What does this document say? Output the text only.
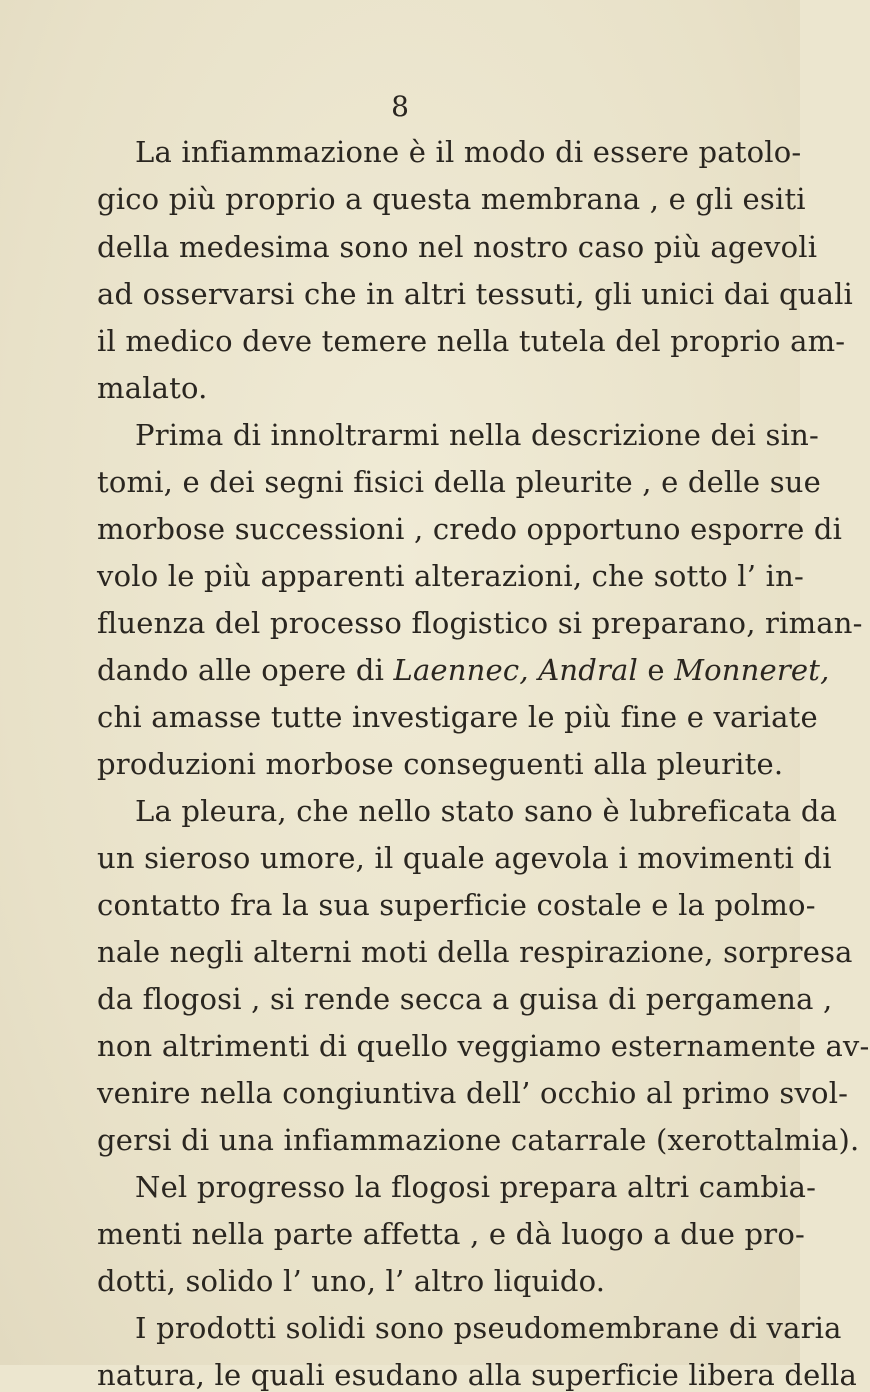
8
La infiammazione è il modo di essere patolo-
gico più proprio a questa membrana , e gli esiti
della medesima sono nel nostro caso più agevoli
ad osservarsi che in altri tessuti, gli unici dai quali
il medico deve temere nella tutela del proprio am-
malato.
Prima di innoltrarmi nella descrizione dei sin-
tomi, e dei segni fisici della pleurite , e delle sue
morbose successioni , credo opportuno esporre di
volo le più apparenti alterazioni, che sotto l’ in-
fluenza del processo flogistico si preparano, riman-
dando alle opere di Laennec, Andral e Monneret,
chi amasse tutte investigare le più fine e variate
produzioni morbose conseguenti alla pleurite.
La pleura, che nello stato sano è lubreficata da
un sieroso umore, il quale agevola i movimenti di
contatto fra la sua superficie costale e la polmo-
nale negli alterni moti della respirazione, sorpresa
da flogosi , si rende secca a guisa di pergamena ,
non altrimenti di quello veggiamo esternamente av-
venire nella congiuntiva dell’ occhio al primo svol-
gersi di una infiammazione catarrale (xerottalmia).
Nel progresso la flogosi prepara altri cambia-
menti nella parte affetta , e dà luogo a due pro-
dotti, solido l’ uno, l’ altro liquido.
I prodotti solidi sono pseudomembrane di varia
natura, le quali esudano alla superficie libera della
